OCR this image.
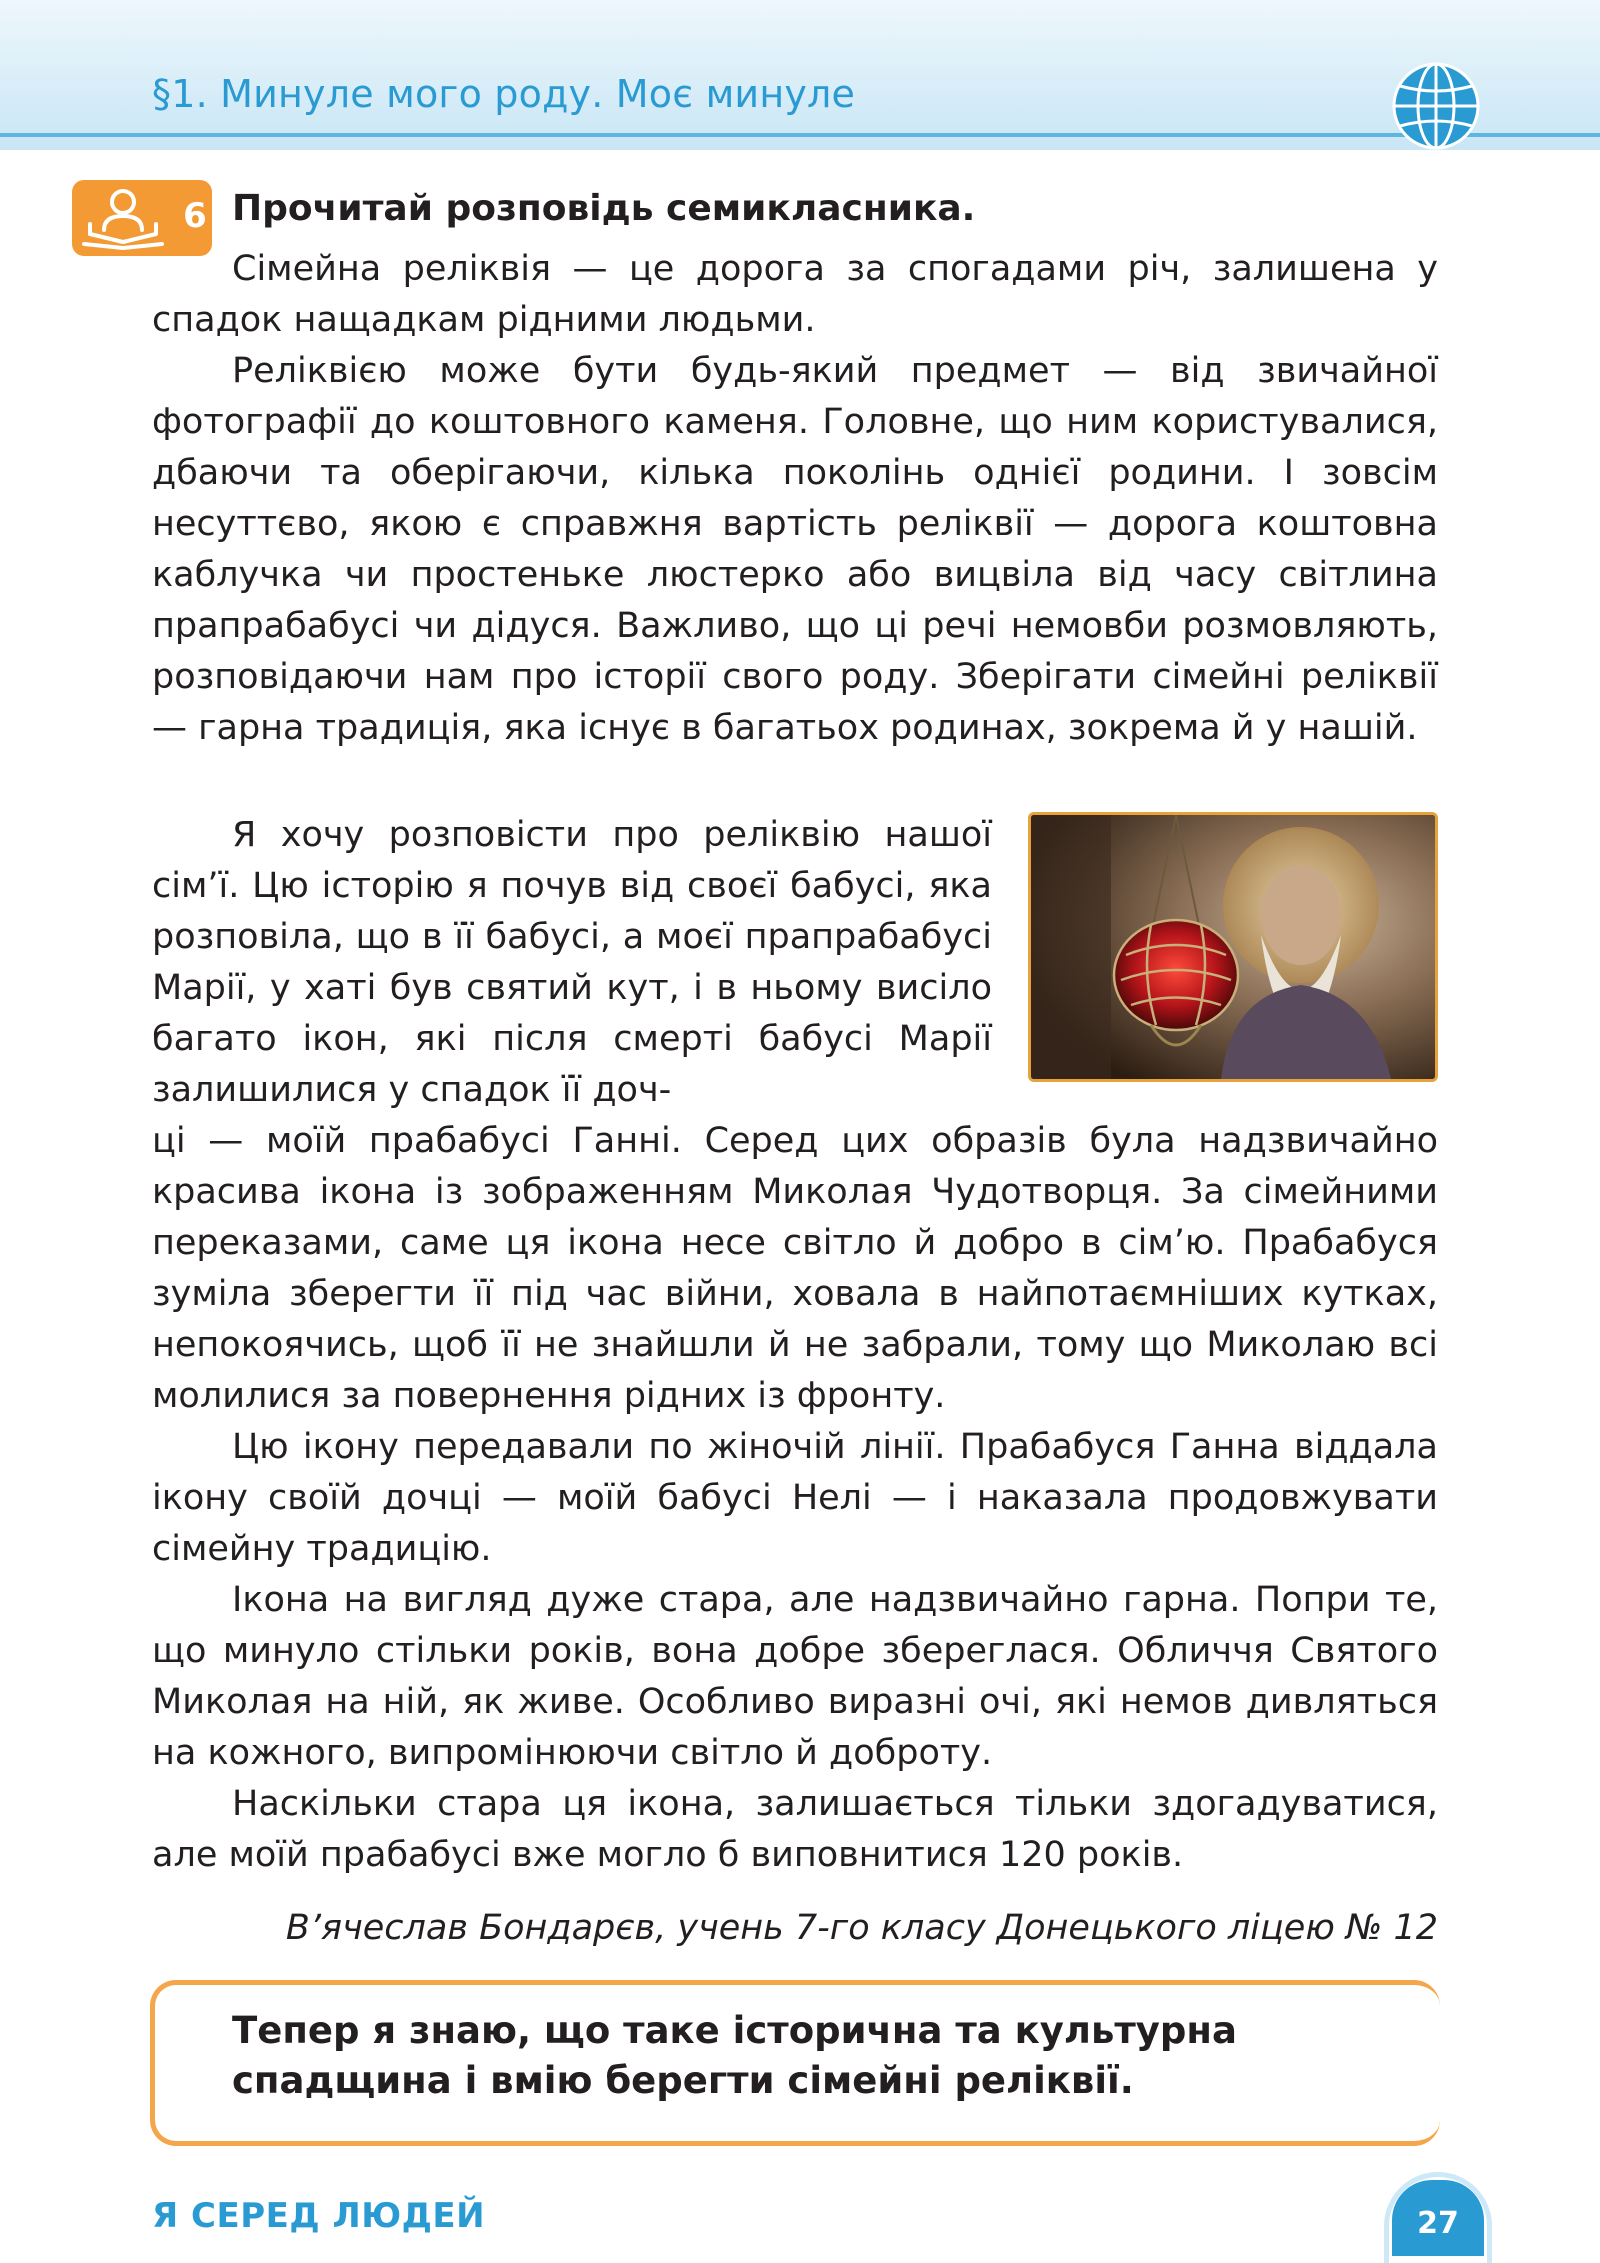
§1. Минуле мого роду. Моє минуле
6 Прочитай розповідь семикласника.

Сімейна реліквія — це дорога за спогадами річ, залишена у спадок нащадкам рідними людьми.

Реліквією може бути будь-який предмет — від звичайної фотографії до коштовного каменя. Головне, що ним користувалися, дбаючи та оберігаючи, кілька поколінь однієї родини. І зовсім несуттєво, якою є справжня вартість реліквії — дорога коштовна каблучка чи простеньке люстерко або вицвіла від часу світлина прапрабабусі чи дідуся. Важливо, що ці речі немовби розмовляють, розповідаючи нам про історії свого роду. Зберігати сімейні реліквії — гарна традиція, яка існує в багатьох родинах, зокрема й у нашій.

Я хочу розповісти про реліквію нашої сім’ї. Цю історію я почув від своєї бабусі, яка розповіла, що в її бабусі, а моєї прапрабабусі Марії, у хаті був святий кут, і в ньому висіло багато ікон, які після смерті бабусі Марії залишилися у спадок її доч-

ці — моїй прабабусі Ганні. Серед цих образів була надзвичайно красива ікона із зображенням Миколая Чудотворця. За сімейними переказами, саме ця ікона несе світло й добро в сім’ю. Прабабуся зуміла зберегти її під час війни, ховала в найпотаємніших кутках, непокоячись, щоб її не знайшли й не забрали, тому що Миколаю всі молилися за повернення рідних із фронту.

Цю ікону передавали по жіночій лінії. Прабабуся Ганна віддала ікону своїй дочці — моїй бабусі Нелі — і наказала продовжувати сімейну традицію.

Ікона на вигляд дуже стара, але надзвичайно гарна. Попри те, що минуло стільки років, вона добре збереглася. Обличчя Святого Миколая на ній, як живе. Особливо виразні очі, які немов дивляться на кожного, випромінюючи світло й доброту.

Наскільки стара ця ікона, залишається тільки здогадуватися, але моїй прабабусі вже могло б виповнитися 120 років.

В’ячеслав Бондарєв, учень 7-го класу Донецького ліцею № 12
Тепер я знаю, що таке історична та культурна спадщина і вмію берегти сімейні реліквії.
Я СЕРЕД ЛЮДЕЙ	27
